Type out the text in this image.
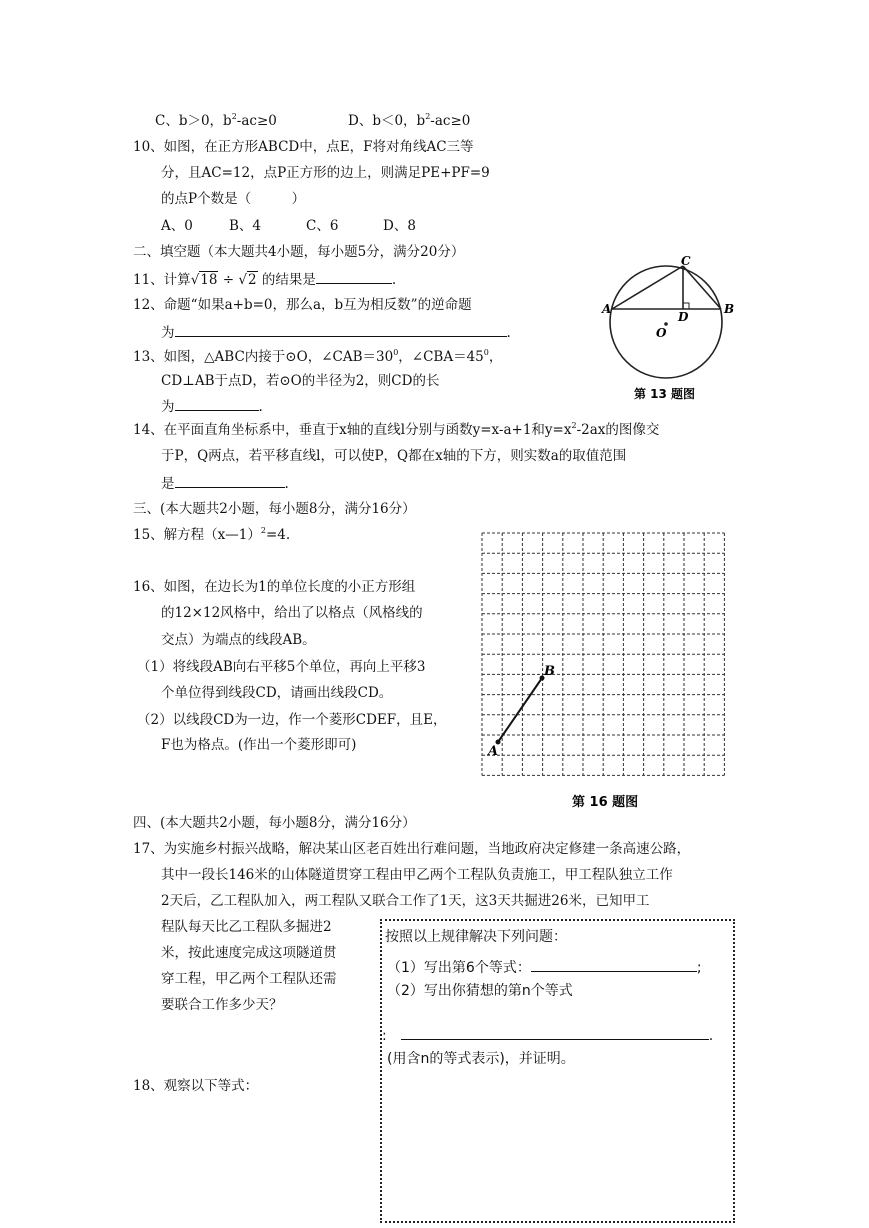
C、b＞0，$b^2-ac\ge 0$	D、b＜0，$b^2-ac\ge 0$
10、如图，在正方形ABCD中，点E，F将对角线AC三等
分，且AC=12，点P正方形的边上，则满足PE+PF=9
的点P个数是（　　　）
A、0	B、4	C、6	D、8
二、填空题（本大题共4小题，每小题5分，满分20分）
11、计算√18 ÷ √2 的结果是	.
12、命题“如果a+b=0，那么a，b互为相反数”的逆命题
为	.
13、如图，△ABC内接于⊙O，$\angle CAB=30^0$，$\angle CBA=45^0$，
CD⊥AB于点D，若⊙O的半径为2，则CD的长
为	.
A	B
C
D
O
第 13 题图
14、在平面直角坐标系中，垂直于x轴的直线l分别与函数y=x-a+1和$y=x^2-2ax$的图像交
于P，Q两点，若平移直线l，可以使P，Q都在x轴的下方，则实数a的取值范围
是	.
三、(本大题共2小题，每小题8分，满分16分）
15、解方程（x—1）$^2$=4.
16、如图，在边长为1的单位长度的小正方形组
的12×12风格中，给出了以格点（风格线的
交点）为端点的线段AB。
（1）将线段AB向右平移5个单位，再向上平移3
个单位得到线段CD，请画出线段CD。
（2）以线段CD为一边，作一个菱形CDEF，且E，
F也为格点。(作出一个菱形即可)	A
B
第 16 题图
四、(本大题共2小题，每小题8分，满分16分）
17、为实施乡村振兴战略，解决某山区老百姓出行难问题，当地政府决定修建一条高速公路，
其中一段长146米的山体隧道贯穿工程由甲乙两个工程队负责施工，甲工程队独立工作
2天后，乙工程队加入，两工程队又联合工作了1天，这3天共掘进26米，已知甲工
程队每天比乙工程队多掘进2
米，按此速度完成这项隧道贯
穿工程，甲乙两个工程队还需
要联合工作多少天？
18、观察以下等式：
按照以上规律解决下列问题：
（1）写出第6个等式：	;
（2）写出你猜想的第n个等式
:	.
(用含n的等式表示)，并证明。
